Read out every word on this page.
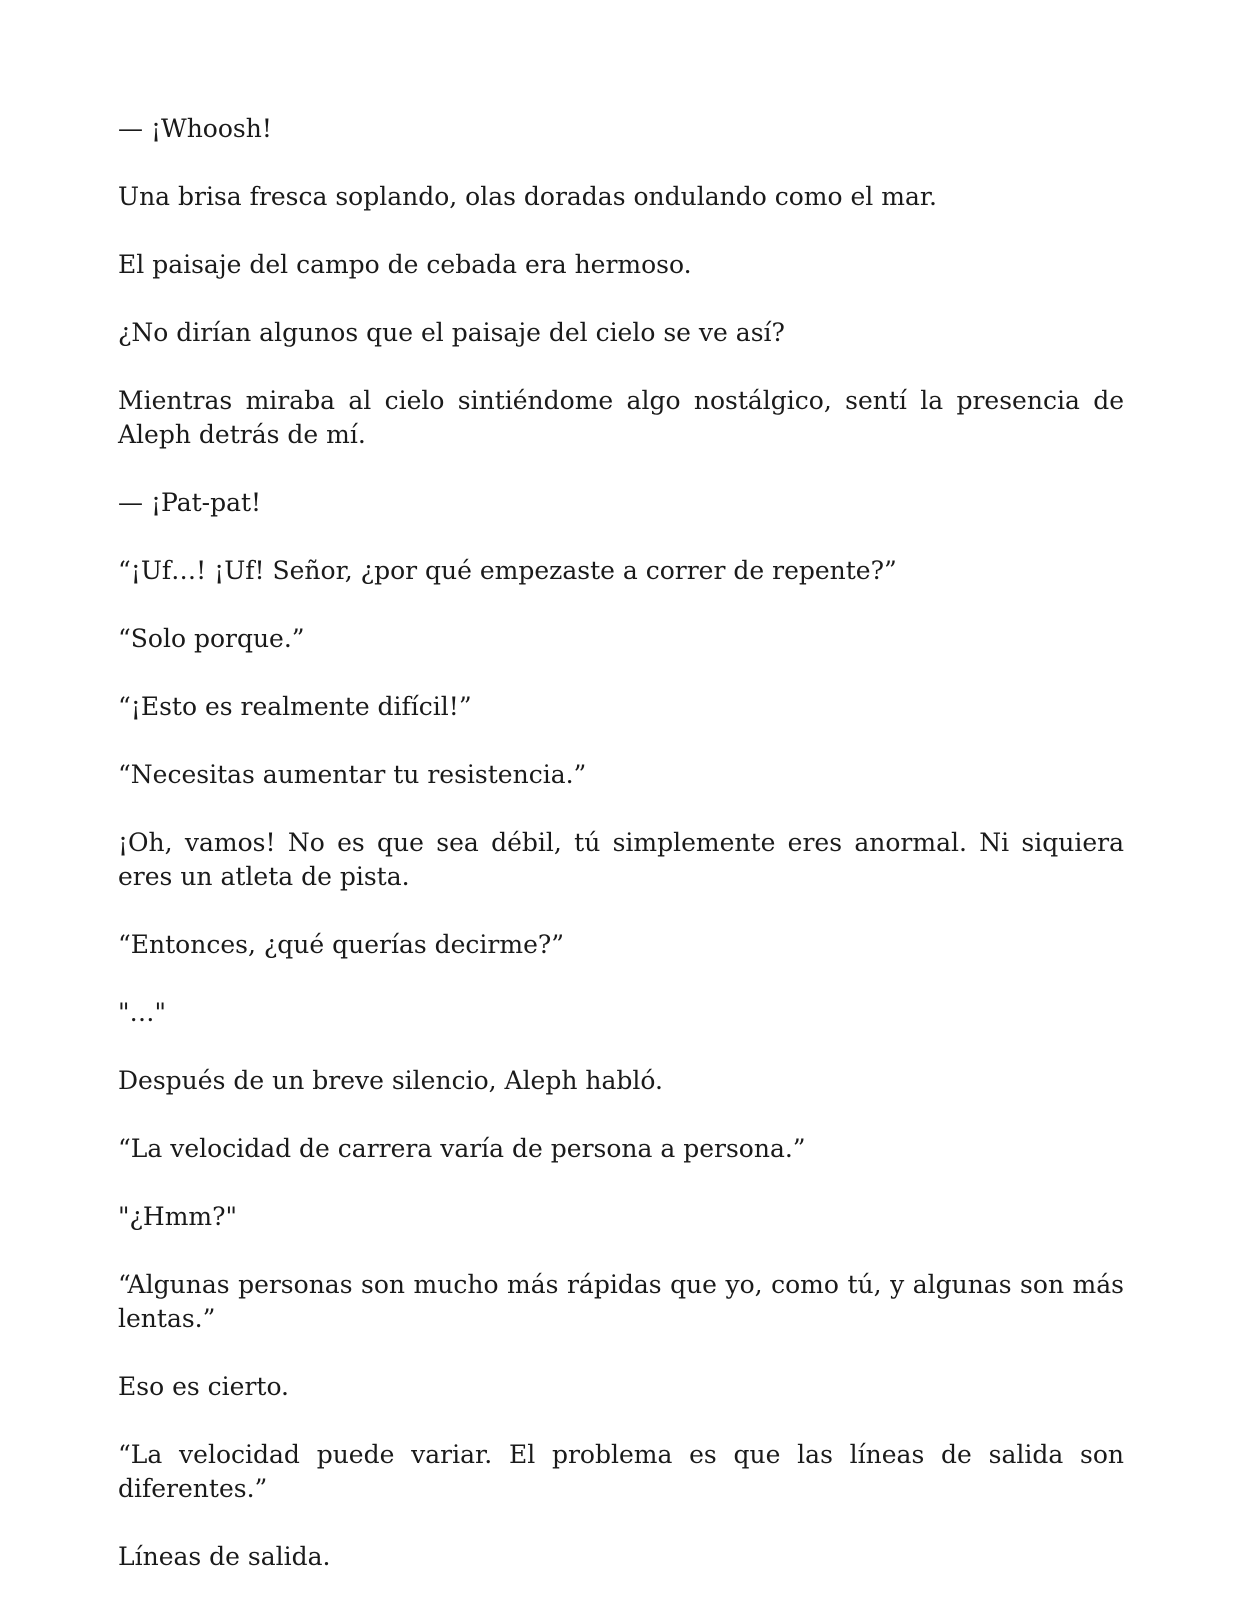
— ¡Whoosh!

Una brisa fresca soplando, olas doradas ondulando como el mar.

El paisaje del campo de cebada era hermoso.

¿No dirían algunos que el paisaje del cielo se ve así?

Mientras miraba al cielo sintiéndome algo nostálgico, sentí la presencia de Aleph detrás de mí.

— ¡Pat-pat!

“¡Uf…! ¡Uf! Señor, ¿por qué empezaste a correr de repente?”

“Solo porque.”

“¡Esto es realmente difícil!”

“Necesitas aumentar tu resistencia.”

¡Oh, vamos! No es que sea débil, tú simplemente eres anormal. Ni siquiera eres un atleta de pista.

“Entonces, ¿qué querías decirme?”

"…"

Después de un breve silencio, Aleph habló.

“La velocidad de carrera varía de persona a persona.”

"¿Hmm?"

“Algunas personas son mucho más rápidas que yo, como tú, y algunas son más lentas.”

Eso es cierto.

“La velocidad puede variar. El problema es que las líneas de salida son diferentes.”

Líneas de salida.
